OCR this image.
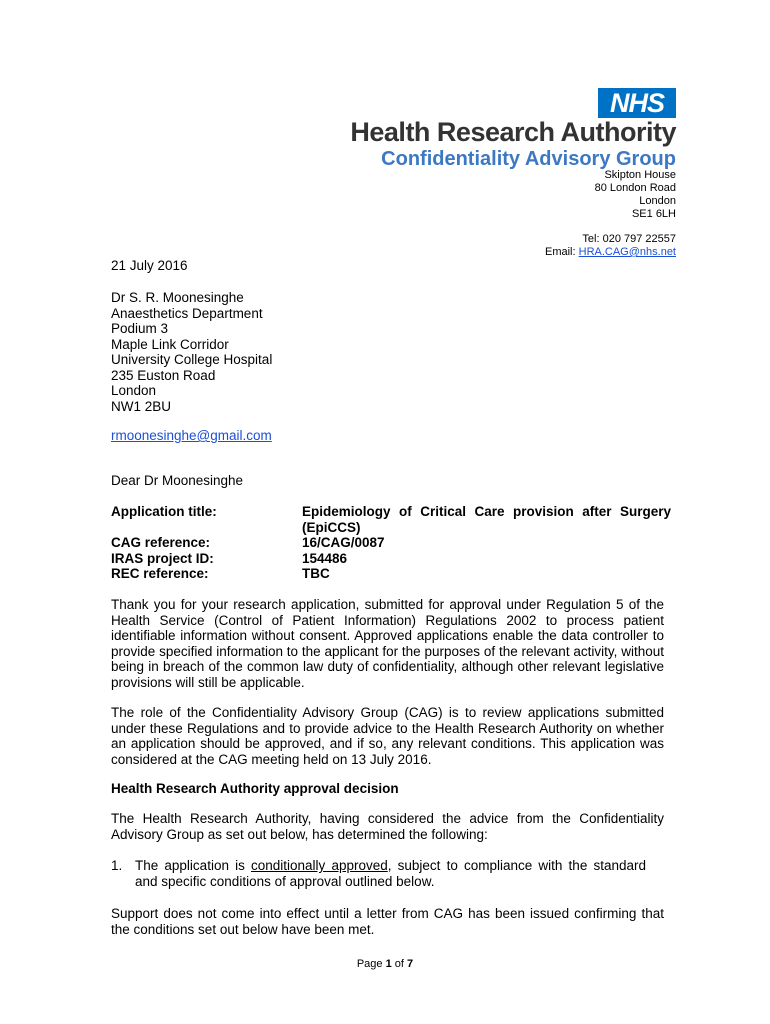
NHS
Health Research Authority
Confidentiality Advisory Group
Skipton House
80 London Road
London
SE1 6LH
Tel: 020 797 22557
Email: HRA.CAG@nhs.net
21 July 2016
Dr S. R. Moonesinghe
Anaesthetics Department
Podium 3
Maple Link Corridor
University College Hospital
235 Euston Road
London
NW1 2BU
rmoonesinghe@gmail.com
Dear Dr Moonesinghe
Application title:	Epidemiology of Critical Care provision after Surgery (EpiCCS)
CAG reference:	16/CAG/0087
IRAS project ID:	154486
REC reference:	TBC
Thank you for your research application, submitted for approval under Regulation 5 of the Health Service (Control of Patient Information) Regulations 2002 to process patient identifiable information without consent. Approved applications enable the data controller to provide specified information to the applicant for the purposes of the relevant activity, without being in breach of the common law duty of confidentiality, although other relevant legislative provisions will still be applicable.
The role of the Confidentiality Advisory Group (CAG) is to review applications submitted under these Regulations and to provide advice to the Health Research Authority on whether an application should be approved, and if so, any relevant conditions. This application was considered at the CAG meeting held on 13 July 2016.
Health Research Authority approval decision
The Health Research Authority, having considered the advice from the Confidentiality Advisory Group as set out below, has determined the following:
1. The application is conditionally approved, subject to compliance with the standard and specific conditions of approval outlined below.
Support does not come into effect until a letter from CAG has been issued confirming that the conditions set out below have been met.
Page 1 of 7
